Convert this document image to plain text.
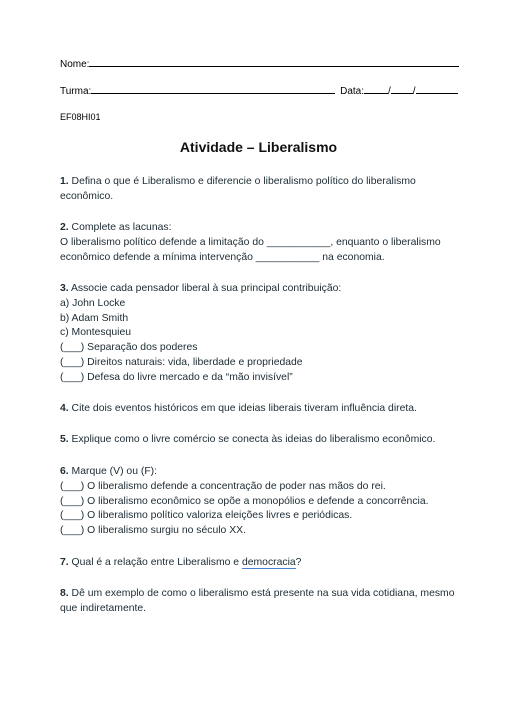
Nome:
Turma:	Data: / /
EF08HI01
Atividade – Liberalismo

1. Defina o que é Liberalismo e diferencie o liberalismo político do liberalismo econômico.

2. Complete as lacunas:

O liberalismo político defende a limitação do ___________, enquanto o liberalismo

econômico defende a mínima intervenção ___________ na economia.

3. Associe cada pensador liberal à sua principal contribuição:

a) John Locke

b) Adam Smith

c) Montesquieu

(___) Separação dos poderes

(___) Direitos naturais: vida, liberdade e propriedade

(___) Defesa do livre mercado e da “mão invisível”

4. Cite dois eventos históricos em que ideias liberais tiveram influência direta.

5. Explique como o livre comércio se conecta às ideias do liberalismo econômico.

6. Marque (V) ou (F):

(___) O liberalismo defende a concentração de poder nas mãos do rei.

(___) O liberalismo econômico se opõe a monopólios e defende a concorrência.

(___) O liberalismo político valoriza eleições livres e periódicas.

(___) O liberalismo surgiu no século XX.

7. Qual é a relação entre Liberalismo e democracia?

8. Dê um exemplo de como o liberalismo está presente na sua vida cotidiana, mesmo que indiretamente.
